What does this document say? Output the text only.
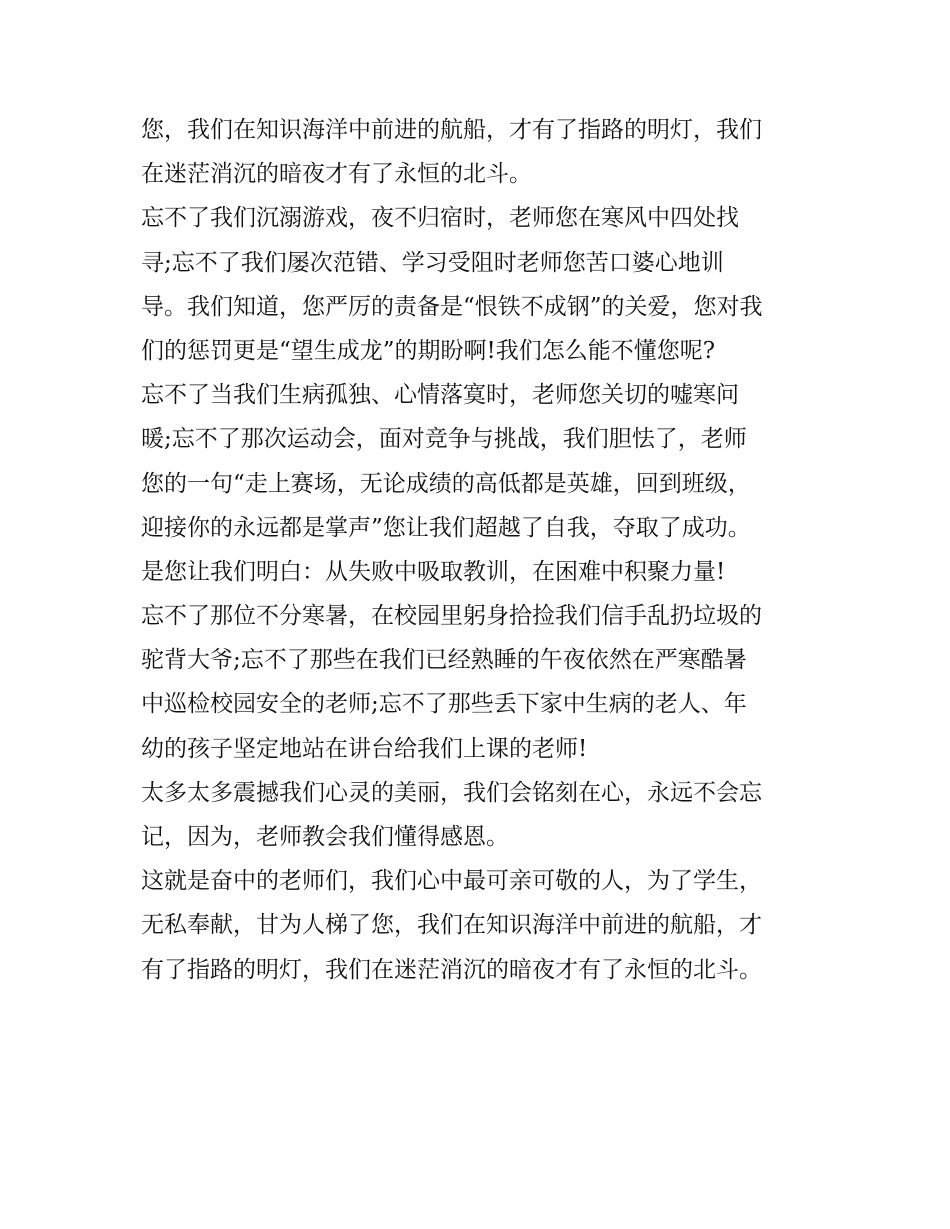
您，我们在知识海洋中前进的航船，才有了指路的明灯，我们
在迷茫消沉的暗夜才有了永恒的北斗。
忘不了我们沉溺游戏，夜不归宿时，老师您在寒风中四处找
寻;忘不了我们屡次范错、学习受阻时老师您苦口婆心地训
导。我们知道，您严厉的责备是“恨铁不成钢”的关爱，您对我
们的惩罚更是“望生成龙”的期盼啊!我们怎么能不懂您呢?
忘不了当我们生病孤独、心情落寞时，老师您关切的嘘寒问
暖;忘不了那次运动会，面对竞争与挑战，我们胆怯了，老师
您的一句“走上赛场，无论成绩的高低都是英雄，回到班级，
迎接你的永远都是掌声”您让我们超越了自我，夺取了成功。
是您让我们明白：从失败中吸取教训，在困难中积聚力量!
忘不了那位不分寒暑，在校园里躬身拾捡我们信手乱扔垃圾的
驼背大爷;忘不了那些在我们已经熟睡的午夜依然在严寒酷暑
中巡检校园安全的老师;忘不了那些丢下家中生病的老人、年
幼的孩子坚定地站在讲台给我们上课的老师!
太多太多震撼我们心灵的美丽，我们会铭刻在心，永远不会忘
记，因为，老师教会我们懂得感恩。
这就是奋中的老师们，我们心中最可亲可敬的人，为了学生，
无私奉献，甘为人梯了您，我们在知识海洋中前进的航船，才
有了指路的明灯，我们在迷茫消沉的暗夜才有了永恒的北斗。
